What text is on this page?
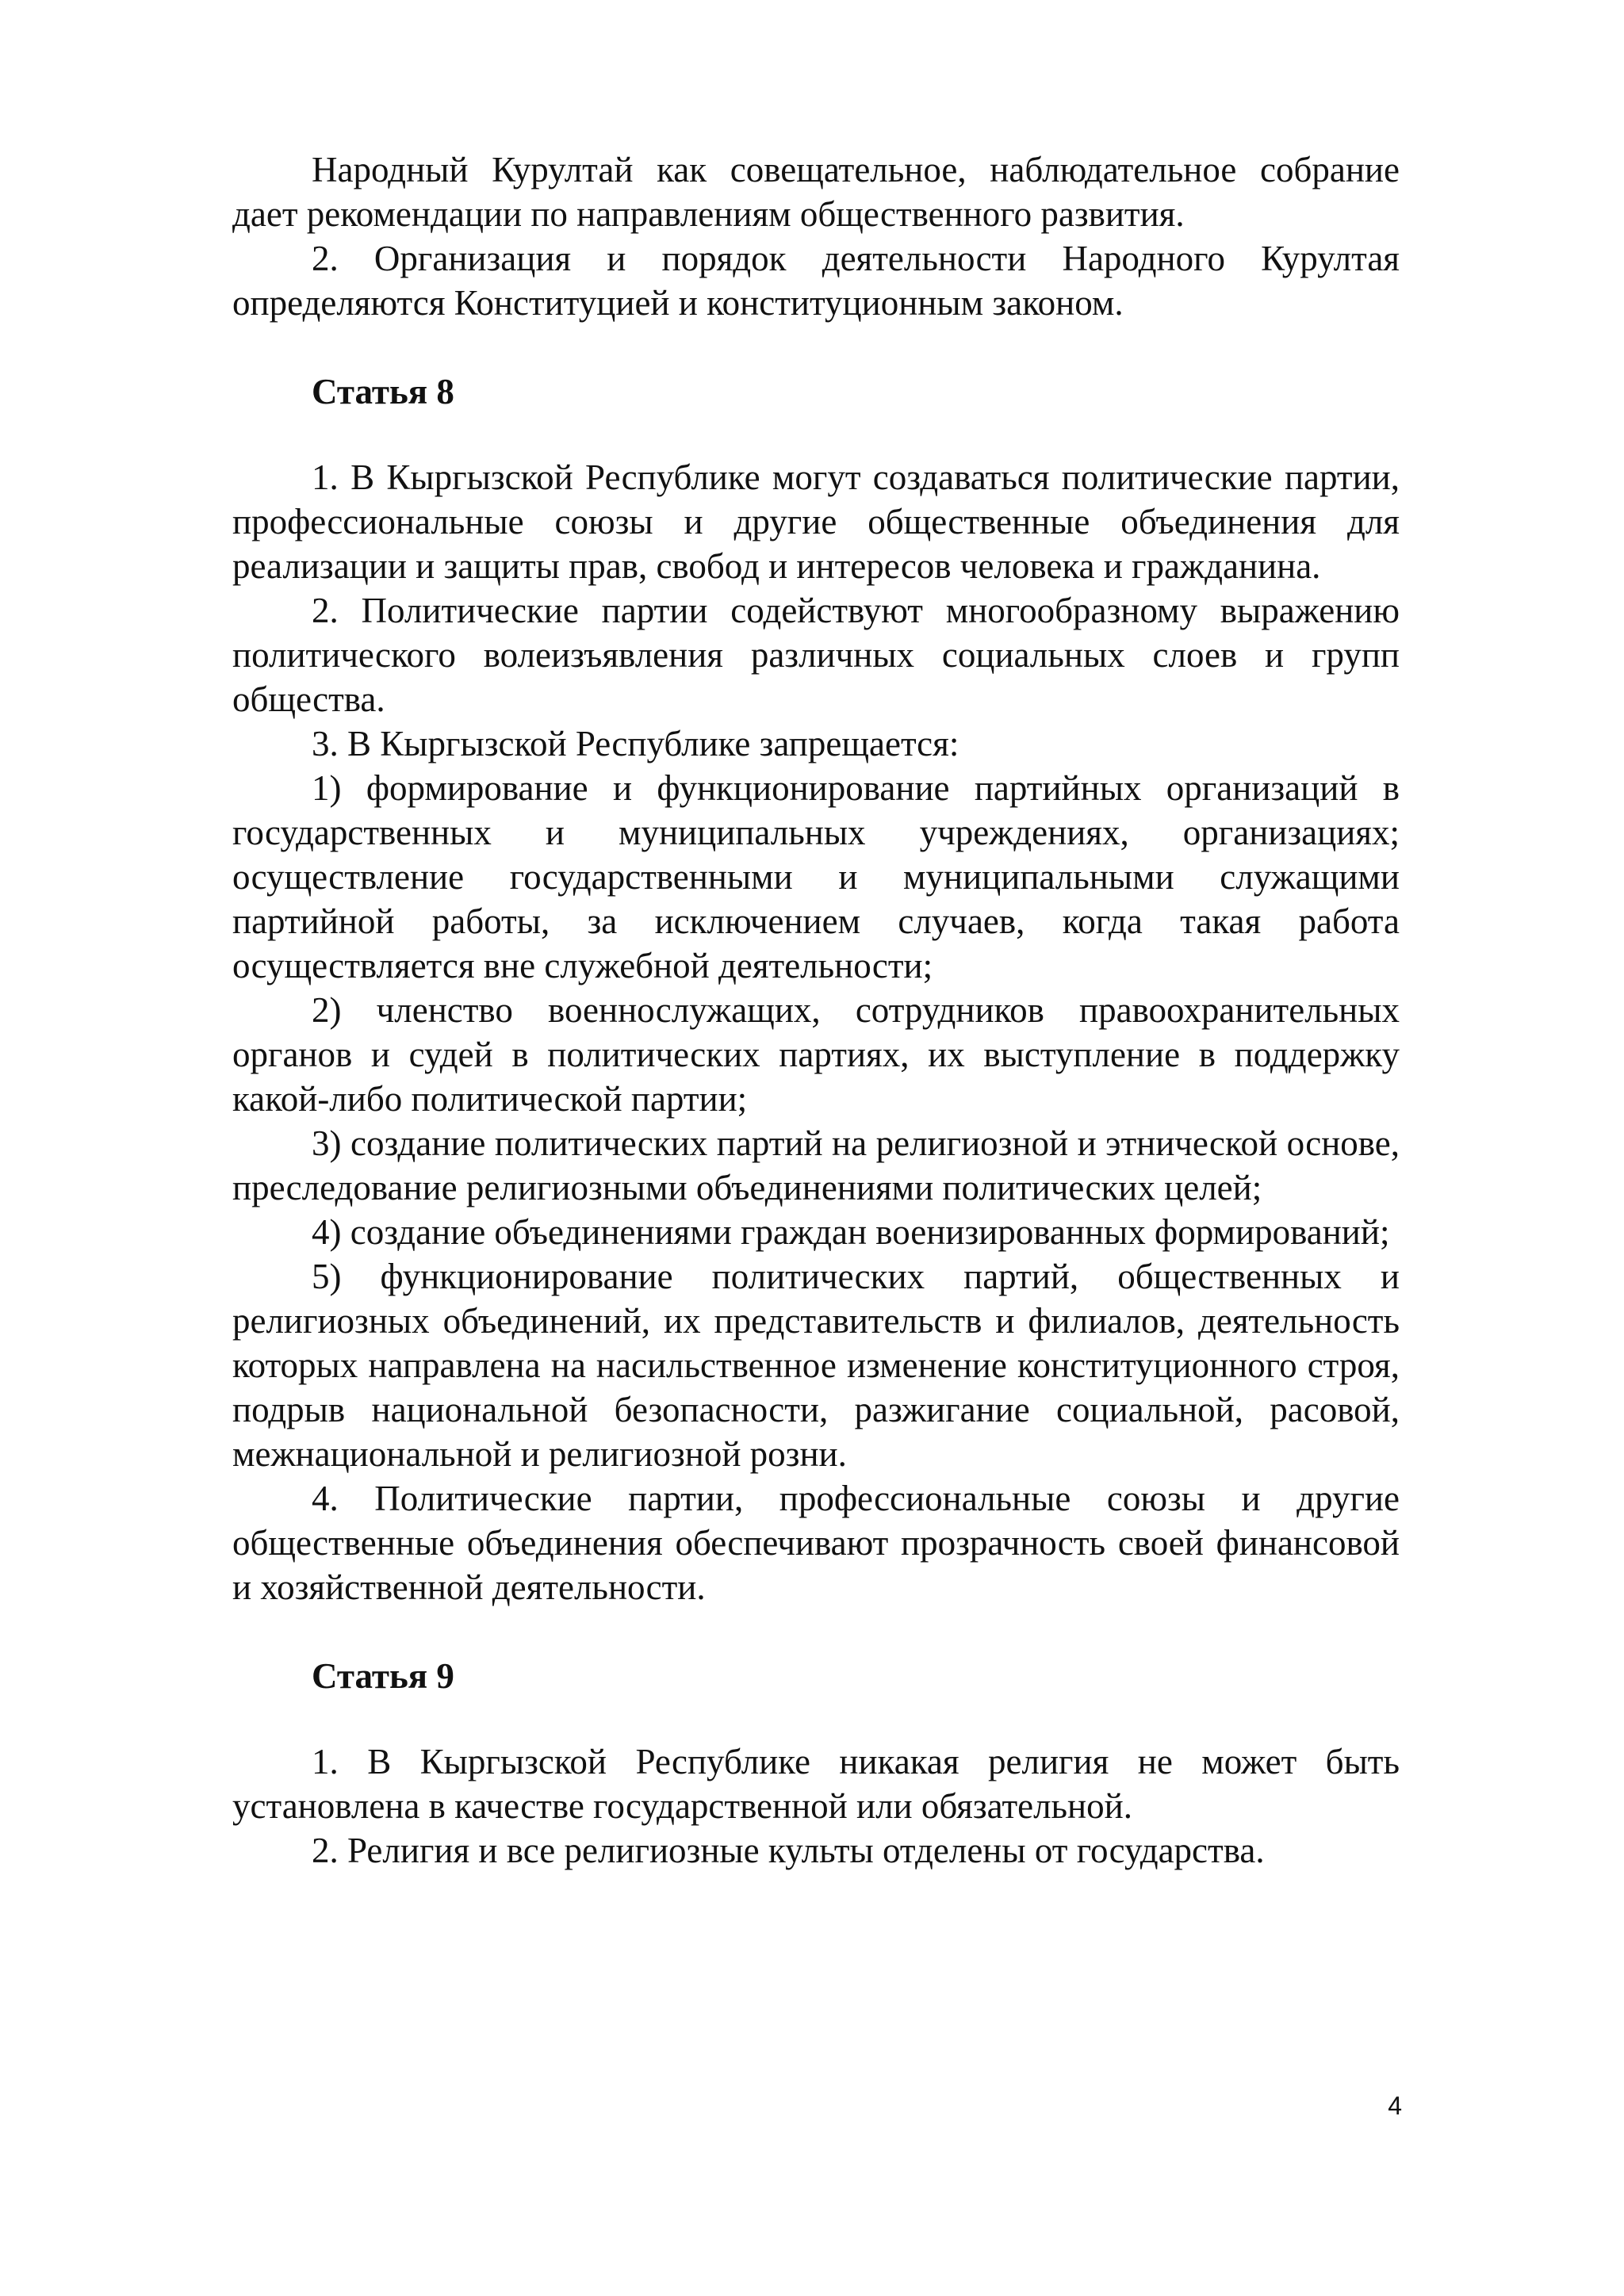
Народный Курултай как совещательное, наблюдательное собрание дает рекомендации по направлениям общественного развития.

2. Организация и порядок деятельности Народного Курултая определяются Конституцией и конституционным законом.

Статья 8

1. В Кыргызской Республике могут создаваться политические партии, профессиональные союзы и другие общественные объединения для реализации и защиты прав, свобод и интересов человека и гражданина.

2. Политические партии содействуют многообразному выражению политического волеизъявления различных социальных слоев и групп общества.

3. В Кыргызской Республике запрещается:

1) формирование и функционирование партийных организаций в государственных и муниципальных учреждениях, организациях; осуществление государственными и муниципальными служащими партийной работы, за исключением случаев, когда такая работа осуществляется вне служебной деятельности;

2) членство военнослужащих, сотрудников правоохранительных органов и судей в политических партиях, их выступление в поддержку какой-либо политической партии;

3) создание политических партий на религиозной и этнической основе, преследование религиозными объединениями политических целей;

4) создание объединениями граждан военизированных формирований;

5) функционирование политических партий, общественных и религиозных объединений, их представительств и филиалов, деятельность которых направлена на насильственное изменение конституционного строя, подрыв национальной безопасности, разжигание социальной, расовой, межнациональной и религиозной розни.

4. Политические партии, профессиональные союзы и другие общественные объединения обеспечивают прозрачность своей финансовой и хозяйственной деятельности.

Статья 9

1. В Кыргызской Республике никакая религия не может быть установлена в качестве государственной или обязательной.

2. Религия и все религиозные культы отделены от государства.

4
